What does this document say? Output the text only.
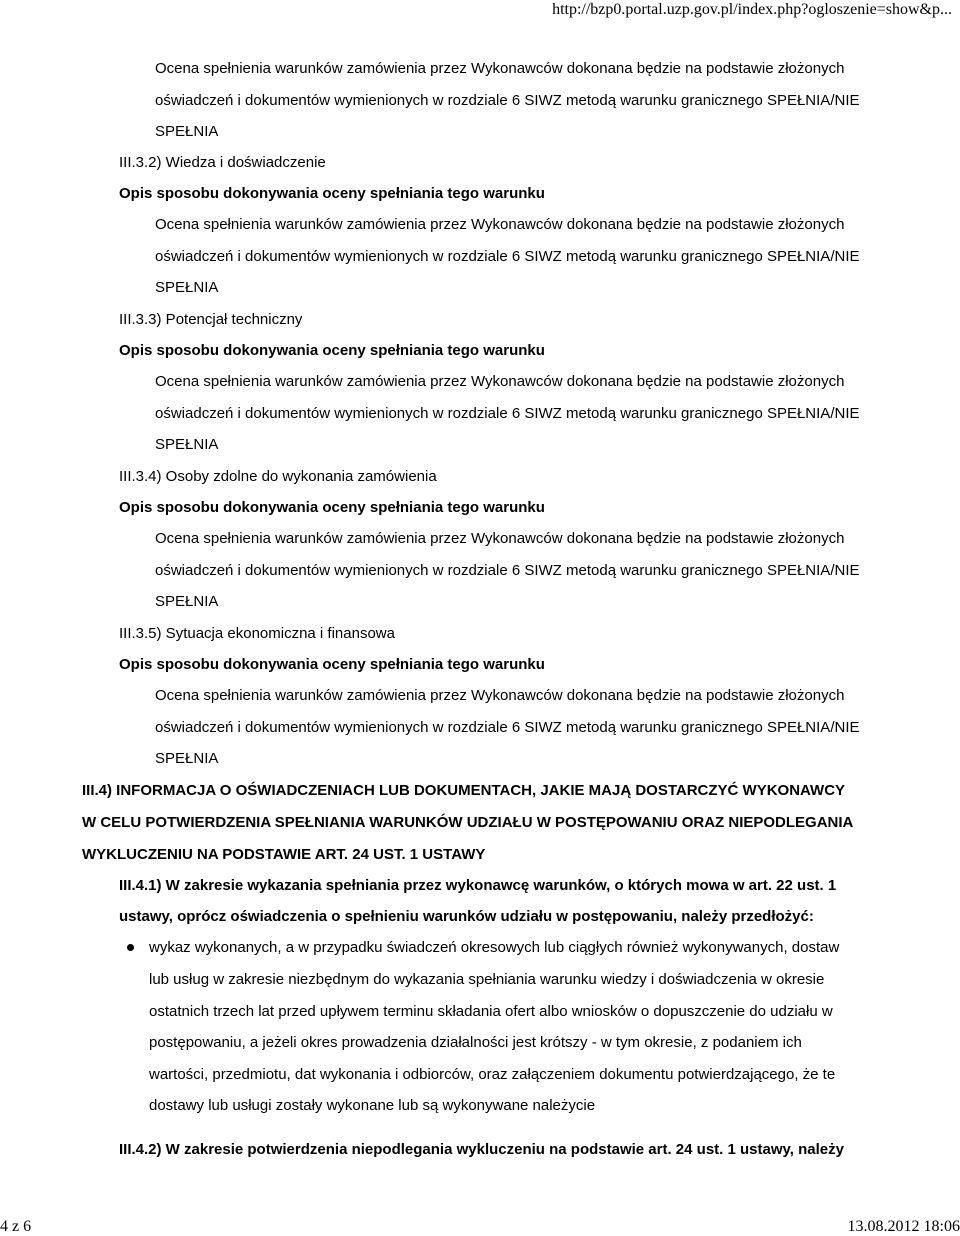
http://bzp0.portal.uzp.gov.pl/index.php?ogloszenie=show&p...
Ocena spełnienia warunków zamówienia przez Wykonawców dokonana będzie na podstawie złożonych
oświadczeń i dokumentów wymienionych w rozdziale 6 SIWZ metodą warunku granicznego SPEŁNIA/NIE
SPEŁNIA
III.3.2) Wiedza i doświadczenie
Opis sposobu dokonywania oceny spełniania tego warunku
Ocena spełnienia warunków zamówienia przez Wykonawców dokonana będzie na podstawie złożonych
oświadczeń i dokumentów wymienionych w rozdziale 6 SIWZ metodą warunku granicznego SPEŁNIA/NIE
SPEŁNIA
III.3.3) Potencjał techniczny
Opis sposobu dokonywania oceny spełniania tego warunku
Ocena spełnienia warunków zamówienia przez Wykonawców dokonana będzie na podstawie złożonych
oświadczeń i dokumentów wymienionych w rozdziale 6 SIWZ metodą warunku granicznego SPEŁNIA/NIE
SPEŁNIA
III.3.4) Osoby zdolne do wykonania zamówienia
Opis sposobu dokonywania oceny spełniania tego warunku
Ocena spełnienia warunków zamówienia przez Wykonawców dokonana będzie na podstawie złożonych
oświadczeń i dokumentów wymienionych w rozdziale 6 SIWZ metodą warunku granicznego SPEŁNIA/NIE
SPEŁNIA
III.3.5) Sytuacja ekonomiczna i finansowa
Opis sposobu dokonywania oceny spełniania tego warunku
Ocena spełnienia warunków zamówienia przez Wykonawców dokonana będzie na podstawie złożonych
oświadczeń i dokumentów wymienionych w rozdziale 6 SIWZ metodą warunku granicznego SPEŁNIA/NIE
SPEŁNIA
III.4) INFORMACJA O OŚWIADCZENIACH LUB DOKUMENTACH, JAKIE MAJĄ DOSTARCZYĆ WYKONAWCY
W CELU POTWIERDZENIA SPEŁNIANIA WARUNKÓW UDZIAŁU W POSTĘPOWANIU ORAZ NIEPODLEGANIA
WYKLUCZENIU NA PODSTAWIE ART. 24 UST. 1 USTAWY
III.4.1) W zakresie wykazania spełniania przez wykonawcę warunków, o których mowa w art. 22 ust. 1
ustawy, oprócz oświadczenia o spełnieniu warunków udziału w postępowaniu, należy przedłożyć:
wykaz wykonanych, a w przypadku świadczeń okresowych lub ciągłych również wykonywanych, dostaw
lub usług w zakresie niezbędnym do wykazania spełniania warunku wiedzy i doświadczenia w okresie
ostatnich trzech lat przed upływem terminu składania ofert albo wniosków o dopuszczenie do udziału w
postępowaniu, a jeżeli okres prowadzenia działalności jest krótszy - w tym okresie, z podaniem ich
wartości, przedmiotu, dat wykonania i odbiorców, oraz załączeniem dokumentu potwierdzającego, że te
dostawy lub usługi zostały wykonane lub są wykonywane należycie
III.4.2) W zakresie potwierdzenia niepodlegania wykluczeniu na podstawie art. 24 ust. 1 ustawy, należy
4 z 6	13.08.2012 18:06
